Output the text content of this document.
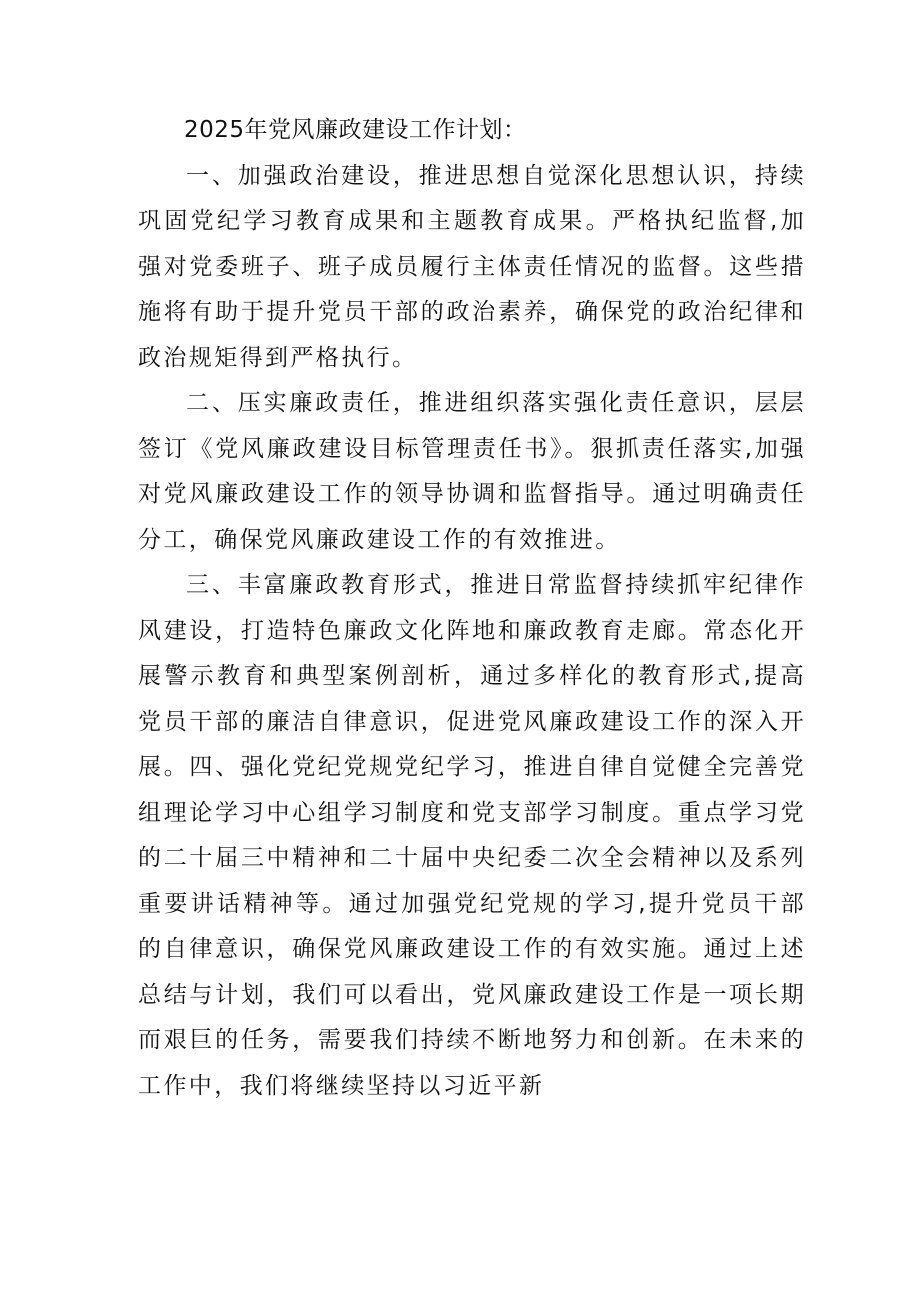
2025年党风廉政建设工作计划：

一、加强政治建设，推进思想自觉深化思想认识，持续巩固党纪学习教育成果和主题教育成果。严格执纪监督,加强对党委班子、班子成员履行主体责任情况的监督。这些措施将有助于提升党员干部的政治素养，确保党的政治纪律和政治规矩得到严格执行。

二、压实廉政责任，推进组织落实强化责任意识，层层签订《党风廉政建设目标管理责任书》。狠抓责任落实,加强对党风廉政建设工作的领导协调和监督指导。通过明确责任分工，确保党风廉政建设工作的有效推进。

三、丰富廉政教育形式，推进日常监督持续抓牢纪律作风建设，打造特色廉政文化阵地和廉政教育走廊。常态化开展警示教育和典型案例剖析，通过多样化的教育形式,提高党员干部的廉洁自律意识，促进党风廉政建设工作的深入开展。四、强化党纪党规党纪学习，推进自律自觉健全完善党组理论学习中心组学习制度和党支部学习制度。重点学习党的二十届三中精神和二十届中央纪委二次全会精神以及系列重要讲话精神等。通过加强党纪党规的学习,提升党员干部的自律意识，确保党风廉政建设工作的有效实施。通过上述总结与计划，我们可以看出，党风廉政建设工作是一项长期而艰巨的任务，需要我们持续不断地努力和创新。在未来的工作中，我们将继续坚持以习近平新
